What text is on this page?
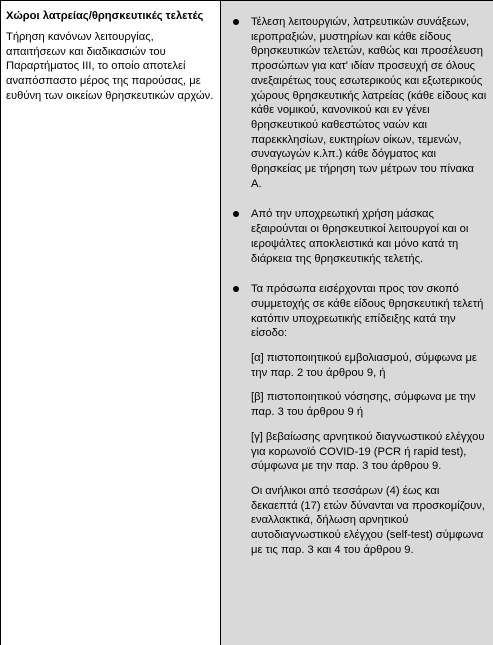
Χώροι λατρείας/θρησκευτικές τελετές

Τήρηση κανόνων λειτουργίας, απαιτήσεων και διαδικασιών του Παραρτήματος ΙΙΙ, το οποίο αποτελεί αναπόσπαστο μέρος της παρούσας, με ευθύνη των οικείων θρησκευτικών αρχών.

Τέλεση λειτουργιών, λατρευτικών συνάξεων, ιεροπραξιών, μυστηρίων και κάθε είδους θρησκευτικών τελετών, καθώς και προσέλευση προσώπων για κατ' ιδίαν προσευχή σε όλους ανεξαιρέτως τους εσωτερικούς και εξωτερικούς χώρους θρησκευτικής λατρείας (κάθε είδους και κάθε νομικού, κανονικού και εν γένει θρησκευτικού καθεστώτος ναών και παρεκκλησίων, ευκτηρίων οίκων, τεμενών, συναγωγών κ.λπ.) κάθε δόγματος και θρησκείας με τήρηση των μέτρων του πίνακα Α.

Από την υποχρεωτική χρήση μάσκας εξαιρούνται οι θρησκευτικοί λειτουργοί και οι ιεροψάλτες αποκλειστικά και μόνο κατά τη διάρκεια της θρησκευτικής τελετής.

Τα πρόσωπα εισέρχονται προς τον σκοπό συμμετοχής σε κάθε είδους θρησκευτική τελετή κατόπιν υποχρεωτικής επίδειξης κατά την είσοδο:

[α] πιστοποιητικού εμβολιασμού, σύμφωνα με την παρ. 2 του άρθρου 9, ή

[β] πιστοποιητικού νόσησης, σύμφωνα με την παρ. 3 του άρθρου 9 ή

[γ] βεβαίωσης αρνητικού διαγνωστικού ελέγχου για κορωνοϊό COVID-19 (PCR ή rapid test), σύμφωνα με την παρ. 3 του άρθρου 9.

Οι ανήλικοι από τεσσάρων (4) έως και δεκαεπτά (17) ετών δύνανται να προσκομίζουν, εναλλακτικά, δήλωση αρνητικού αυτοδιαγνωστικού ελέγχου (self-test) σύμφωνα με τις παρ. 3 και 4 του άρθρου 9.
